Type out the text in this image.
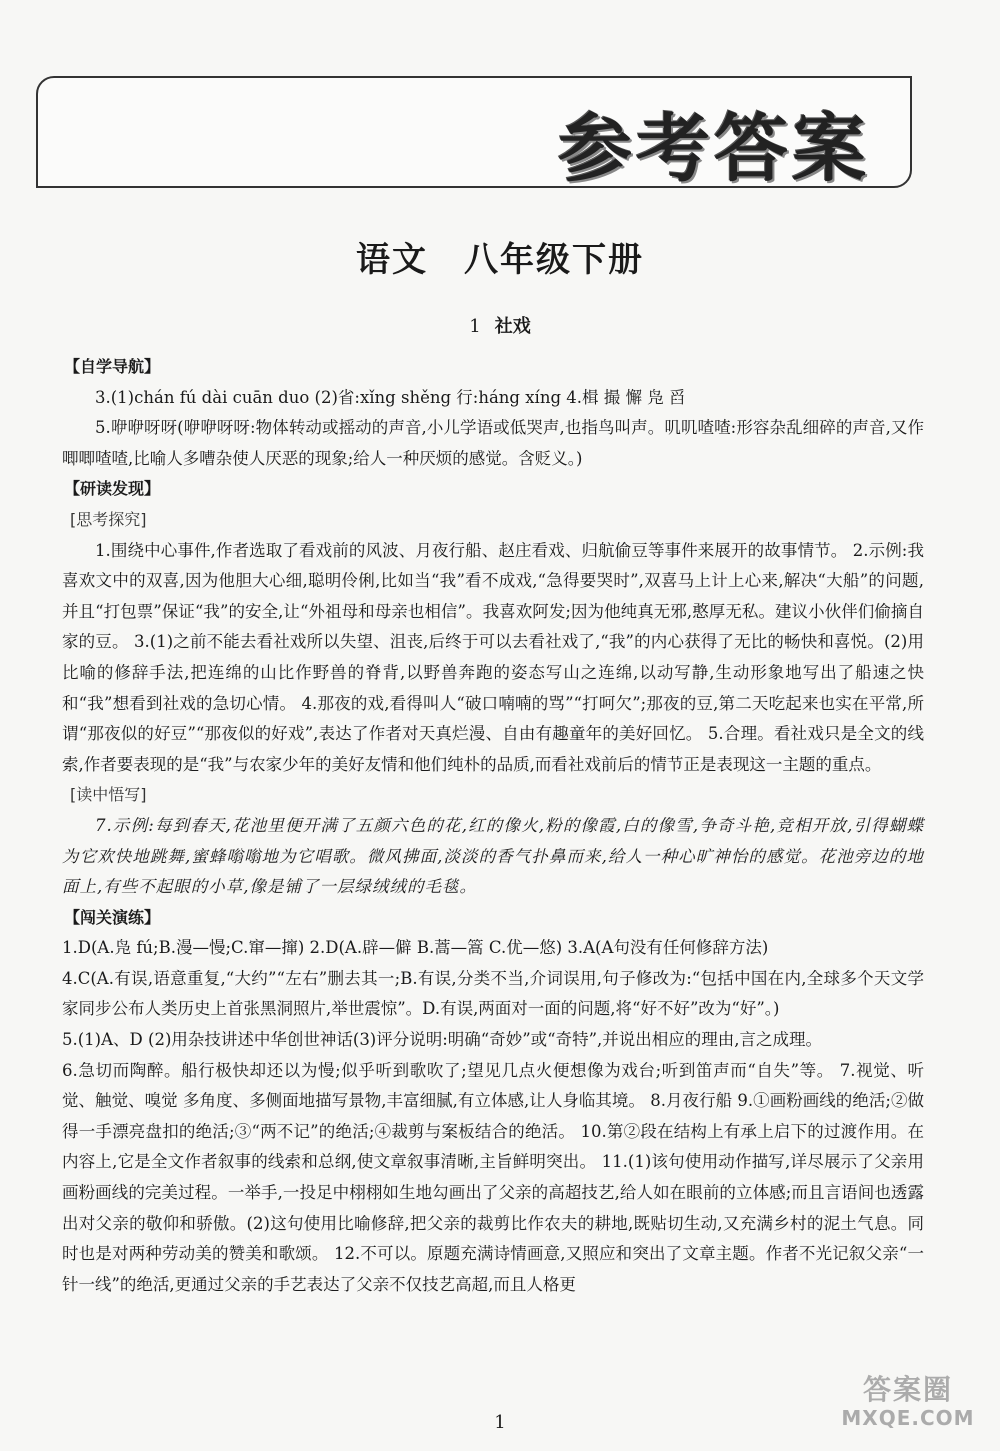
参考答案
语文 八年级下册
1 社戏

【自学导航】

3.(1)chán fú dài cuān duo (2)省:xǐng shěng 行:háng xíng 4.楫 撮 懈 凫 舀

5.咿咿呀呀(咿咿呀呀:物体转动或摇动的声音,小儿学语或低哭声,也指鸟叫声。叽叽喳喳:形容杂乱细碎的声音,又作唧唧喳喳,比喻人多嘈杂使人厌恶的现象;给人一种厌烦的感觉。含贬义。)

【研读发现】

[思考探究]

1.围绕中心事件,作者选取了看戏前的风波、月夜行船、赵庄看戏、归航偷豆等事件来展开的故事情节。 2.示例:我喜欢文中的双喜,因为他胆大心细,聪明伶俐,比如当“我”看不成戏,“急得要哭时”,双喜马上计上心来,解决“大船”的问题,并且“打包票”保证“我”的安全,让“外祖母和母亲也相信”。我喜欢阿发;因为他纯真无邪,憨厚无私。建议小伙伴们偷摘自家的豆。 3.(1)之前不能去看社戏所以失望、沮丧,后终于可以去看社戏了,“我”的内心获得了无比的畅快和喜悦。(2)用比喻的修辞手法,把连绵的山比作野兽的脊背,以野兽奔跑的姿态写山之连绵,以动写静,生动形象地写出了船速之快和“我”想看到社戏的急切心情。 4.那夜的戏,看得叫人“破口喃喃的骂”“打呵欠”;那夜的豆,第二天吃起来也实在平常,所谓“那夜似的好豆”“那夜似的好戏”,表达了作者对天真烂漫、自由有趣童年的美好回忆。 5.合理。看社戏只是全文的线索,作者要表现的是“我”与农家少年的美好友情和他们纯朴的品质,而看社戏前后的情节正是表现这一主题的重点。

[读中悟写]

7.示例:每到春天,花池里便开满了五颜六色的花,红的像火,粉的像霞,白的像雪,争奇斗艳,竞相开放,引得蝴蝶为它欢快地跳舞,蜜蜂嗡嗡地为它唱歌。微风拂面,淡淡的香气扑鼻而来,给人一种心旷神怡的感觉。花池旁边的地面上,有些不起眼的小草,像是铺了一层绿绒绒的毛毯。

【闯关演练】

1.D(A.凫 fú;B.漫—慢;C.窜—撺) 2.D(A.辟—僻 B.蒿—篙 C.优—悠) 3.A(A句没有任何修辞方法)

4.C(A.有误,语意重复,“大约”“左右”删去其一;B.有误,分类不当,介词误用,句子修改为:“包括中国在内,全球多个天文学家同步公布人类历史上首张黑洞照片,举世震惊”。D.有误,两面对一面的问题,将“好不好”改为“好”。)

5.(1)A、D (2)用杂技讲述中华创世神话(3)评分说明:明确“奇妙”或“奇特”,并说出相应的理由,言之成理。

6.急切而陶醉。船行极快却还以为慢;似乎听到歌吹了;望见几点火便想像为戏台;听到笛声而“自失”等。 7.视觉、听觉、触觉、嗅觉 多角度、多侧面地描写景物,丰富细腻,有立体感,让人身临其境。 8.月夜行船 9.①画粉画线的绝活;②做得一手漂亮盘扣的绝活;③“两不记”的绝活;④裁剪与案板结合的绝活。 10.第②段在结构上有承上启下的过渡作用。在内容上,它是全文作者叙事的线索和总纲,使文章叙事清晰,主旨鲜明突出。 11.(1)该句使用动作描写,详尽展示了父亲用画粉画线的完美过程。一举手,一投足中栩栩如生地勾画出了父亲的高超技艺,给人如在眼前的立体感;而且言语间也透露出对父亲的敬仰和骄傲。(2)这句使用比喻修辞,把父亲的裁剪比作农夫的耕地,既贴切生动,又充满乡村的泥土气息。同时也是对两种劳动美的赞美和歌颂。 12.不可以。原题充满诗情画意,又照应和突出了文章主题。作者不光记叙父亲“一针一线”的绝活,更通过父亲的手艺表达了父亲不仅技艺高超,而且人格更

1
答案圈
MXQE.COM
